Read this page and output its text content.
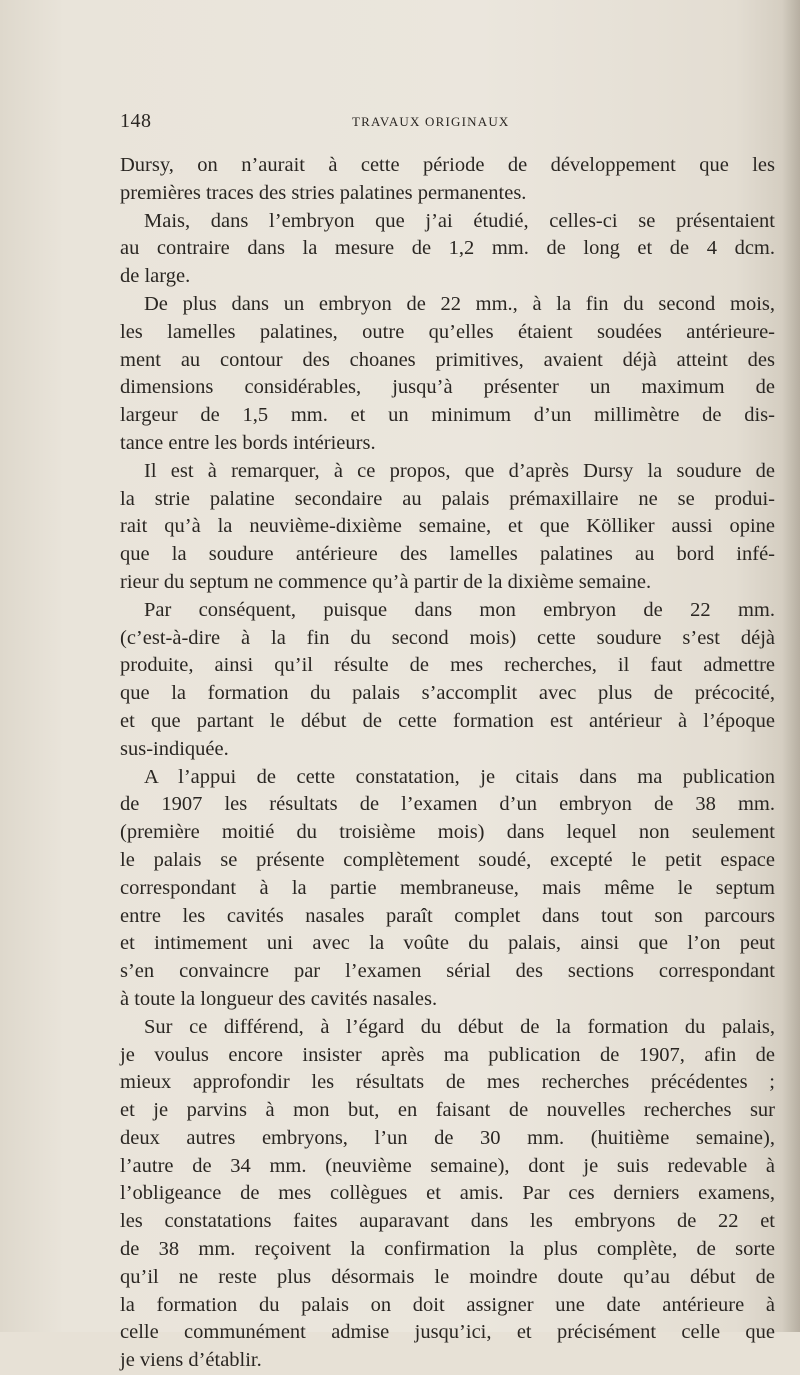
148	TRAVAUX ORIGINAUX
Dursy, on n’aurait à cette période de développement que les
premières traces des stries palatines permanentes.
Mais, dans l’embryon que j’ai étudié, celles-ci se présentaient
au contraire dans la mesure de 1,2 mm. de long et de 4 dcm.
de large.
De plus dans un embryon de 22 mm., à la fin du second mois,
les lamelles palatines, outre qu’elles étaient soudées antérieure-
ment au contour des choanes primitives, avaient déjà atteint des
dimensions considérables, jusqu’à présenter un maximum de
largeur de 1,5 mm. et un minimum d’un millimètre de dis-
tance entre les bords intérieurs.
Il est à remarquer, à ce propos, que d’après Dursy la soudure de
la strie palatine secondaire au palais prémaxillaire ne se produi-
rait qu’à la neuvième-dixième semaine, et que Kölliker aussi opine
que la soudure antérieure des lamelles palatines au bord infé-
rieur du septum ne commence qu’à partir de la dixième semaine.
Par conséquent, puisque dans mon embryon de 22 mm.
(c’est-à-dire à la fin du second mois) cette soudure s’est déjà
produite, ainsi qu’il résulte de mes recherches, il faut admettre
que la formation du palais s’accomplit avec plus de précocité,
et que partant le début de cette formation est antérieur à l’époque
sus-indiquée.
A l’appui de cette constatation, je citais dans ma publication
de 1907 les résultats de l’examen d’un embryon de 38 mm.
(première moitié du troisième mois) dans lequel non seulement
le palais se présente complètement soudé, excepté le petit espace
correspondant à la partie membraneuse, mais même le septum
entre les cavités nasales paraît complet dans tout son parcours
et intimement uni avec la voûte du palais, ainsi que l’on peut
s’en convaincre par l’examen sérial des sections correspondant
à toute la longueur des cavités nasales.
Sur ce différend, à l’égard du début de la formation du palais,
je voulus encore insister après ma publication de 1907, afin de
mieux approfondir les résultats de mes recherches précédentes ;
et je parvins à mon but, en faisant de nouvelles recherches sur
deux autres embryons, l’un de 30 mm. (huitième semaine),
l’autre de 34 mm. (neuvième semaine), dont je suis redevable à
l’obligeance de mes collègues et amis. Par ces derniers examens,
les constatations faites auparavant dans les embryons de 22 et
de 38 mm. reçoivent la confirmation la plus complète, de sorte
qu’il ne reste plus désormais le moindre doute qu’au début de
la formation du palais on doit assigner une date antérieure à
celle communément admise jusqu’ici, et précisément celle que
je viens d’établir.
